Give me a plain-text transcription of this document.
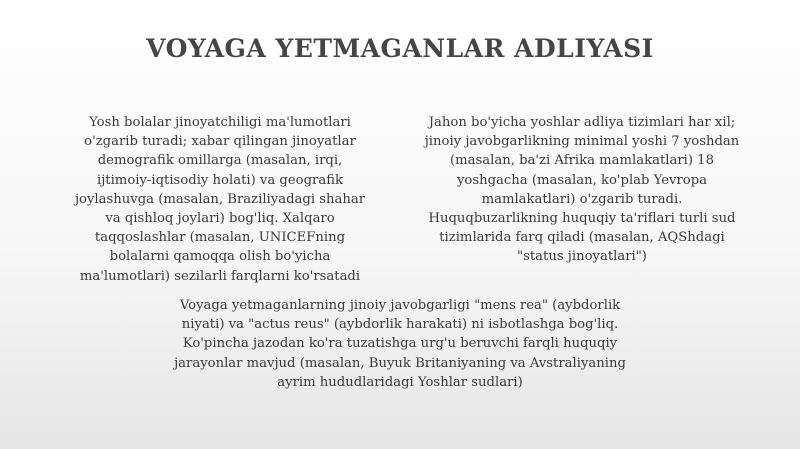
VOYAGA YETMAGANLAR ADLIYASI

Yosh bolalar jinoyatchiligi ma'lumotlari
o'zgarib turadi; xabar qilingan jinoyatlar
demografik omillarga (masalan, irqi,
ijtimoiy-iqtisodiy holati) va geografik
joylashuvga (masalan, Braziliyadagi shahar
va qishloq joylari) bog'liq. Xalqaro
taqqoslashlar (masalan, UNICEFning
bolalarni qamoqqa olish bo'yicha
ma'lumotlari) sezilarli farqlarni ko'rsatadi

Jahon bo'yicha yoshlar adliya tizimlari har xil;
jinoiy javobgarlikning minimal yoshi 7 yoshdan
(masalan, ba'zi Afrika mamlakatlari) 18
yoshgacha (masalan, ko'plab Yevropa
mamlakatlari) o'zgarib turadi.
Huquqbuzarlikning huquqiy ta'riflari turli sud
tizimlarida farq qiladi (masalan, AQShdagi
"status jinoyatlari")

Voyaga yetmaganlarning jinoiy javobgarligi "mens rea" (aybdorlik
niyati) va "actus reus" (aybdorlik harakati) ni isbotlashga bog'liq.
Ko'pincha jazodan ko'ra tuzatishga urg'u beruvchi farqli huquqiy
jarayonlar mavjud (masalan, Buyuk Britaniyaning va Avstraliyaning
ayrim hududlaridagi Yoshlar sudlari)
